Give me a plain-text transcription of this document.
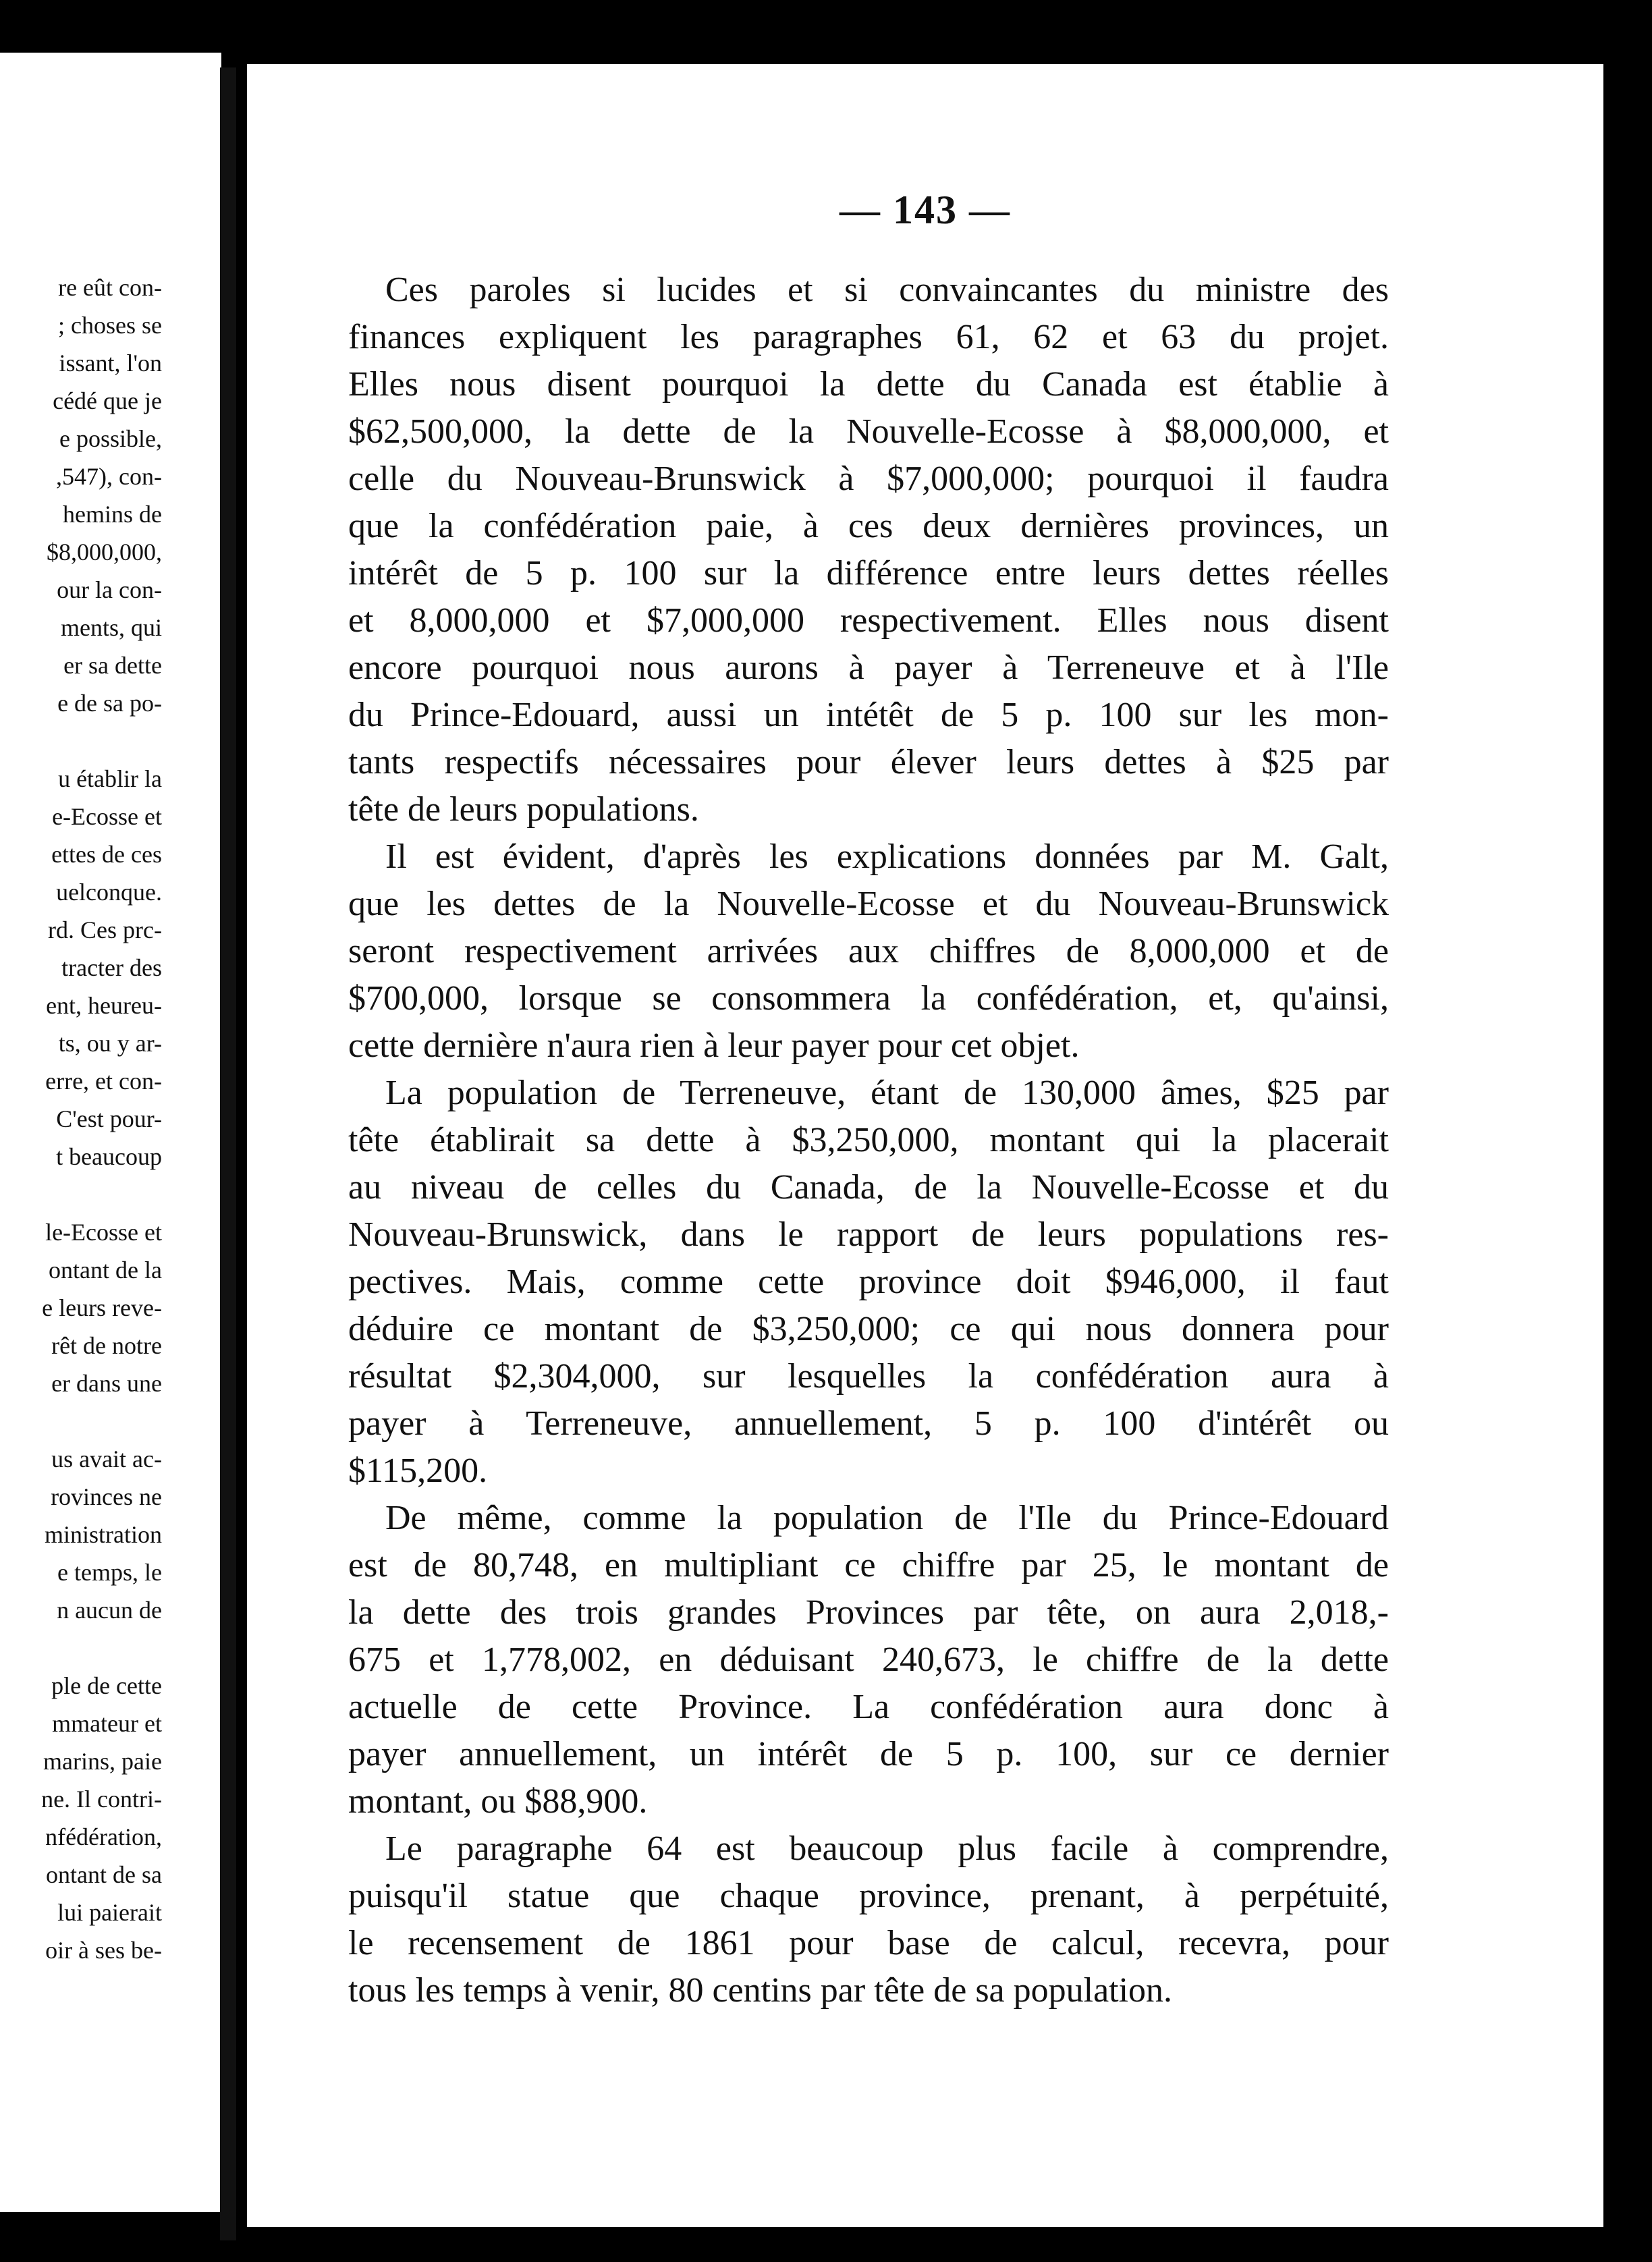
re eût con-
; choses se
issant, l'on
cédé que je
e possible,
,547), con-
hemins de
$8,000,000,
our la con-
ments, qui
er sa dette
e de sa po-
u établir la
e-Ecosse et
ettes de ces
uelconque.
rd. Ces prc-
tracter des
ent, heureu-
ts, ou y ar-
erre, et con-
C'est pour-
t beaucoup
le-Ecosse et
ontant de la
e leurs reve-
rêt de notre
er dans une
us avait ac-
rovinces ne
ministration
e temps, le
n aucun de
ple de cette
mmateur et
marins, paie
ne. Il contri-
nfédération,
ontant de sa
lui paierait
oir à ses be-
— 143 —
Ces paroles si lucides et si convaincantes du ministre des
finances expliquent les paragraphes 61, 62 et 63 du projet.
Elles nous disent pourquoi la dette du Canada est établie à
$62,500,000, la dette de la Nouvelle-Ecosse à $8,000,000, et
celle du Nouveau-Brunswick à $7,000,000; pourquoi il faudra
que la confédération paie, à ces deux dernières provinces, un
intérêt de 5 p. 100 sur la différence entre leurs dettes réelles
et 8,000,000 et $7,000,000 respectivement. Elles nous disent
encore pourquoi nous aurons à payer à Terreneuve et à l'Ile
du Prince-Edouard, aussi un intétêt de 5 p. 100 sur les mon-
tants respectifs nécessaires pour élever leurs dettes à $25 par
tête de leurs populations.
Il est évident, d'après les explications données par M. Galt,
que les dettes de la Nouvelle-Ecosse et du Nouveau-Brunswick
seront respectivement arrivées aux chiffres de 8,000,000 et de
$700,000, lorsque se consommera la confédération, et, qu'ainsi,
cette dernière n'aura rien à leur payer pour cet objet.
La population de Terreneuve, étant de 130,000 âmes, $25 par
tête établirait sa dette à $3,250,000, montant qui la placerait
au niveau de celles du Canada, de la Nouvelle-Ecosse et du
Nouveau-Brunswick, dans le rapport de leurs populations res-
pectives. Mais, comme cette province doit $946,000, il faut
déduire ce montant de $3,250,000; ce qui nous donnera pour
résultat $2,304,000, sur lesquelles la confédération aura à
payer à Terreneuve, annuellement, 5 p. 100 d'intérêt ou
$115,200.
De même, comme la population de l'Ile du Prince-Edouard
est de 80,748, en multipliant ce chiffre par 25, le montant de
la dette des trois grandes Provinces par tête, on aura 2,018,-
675 et 1,778,002, en déduisant 240,673, le chiffre de la dette
actuelle de cette Province. La confédération aura donc à
payer annuellement, un intérêt de 5 p. 100, sur ce dernier
montant, ou $88,900.
Le paragraphe 64 est beaucoup plus facile à comprendre,
puisqu'il statue que chaque province, prenant, à perpétuité,
le recensement de 1861 pour base de calcul, recevra, pour
tous les temps à venir, 80 centins par tête de sa population.
